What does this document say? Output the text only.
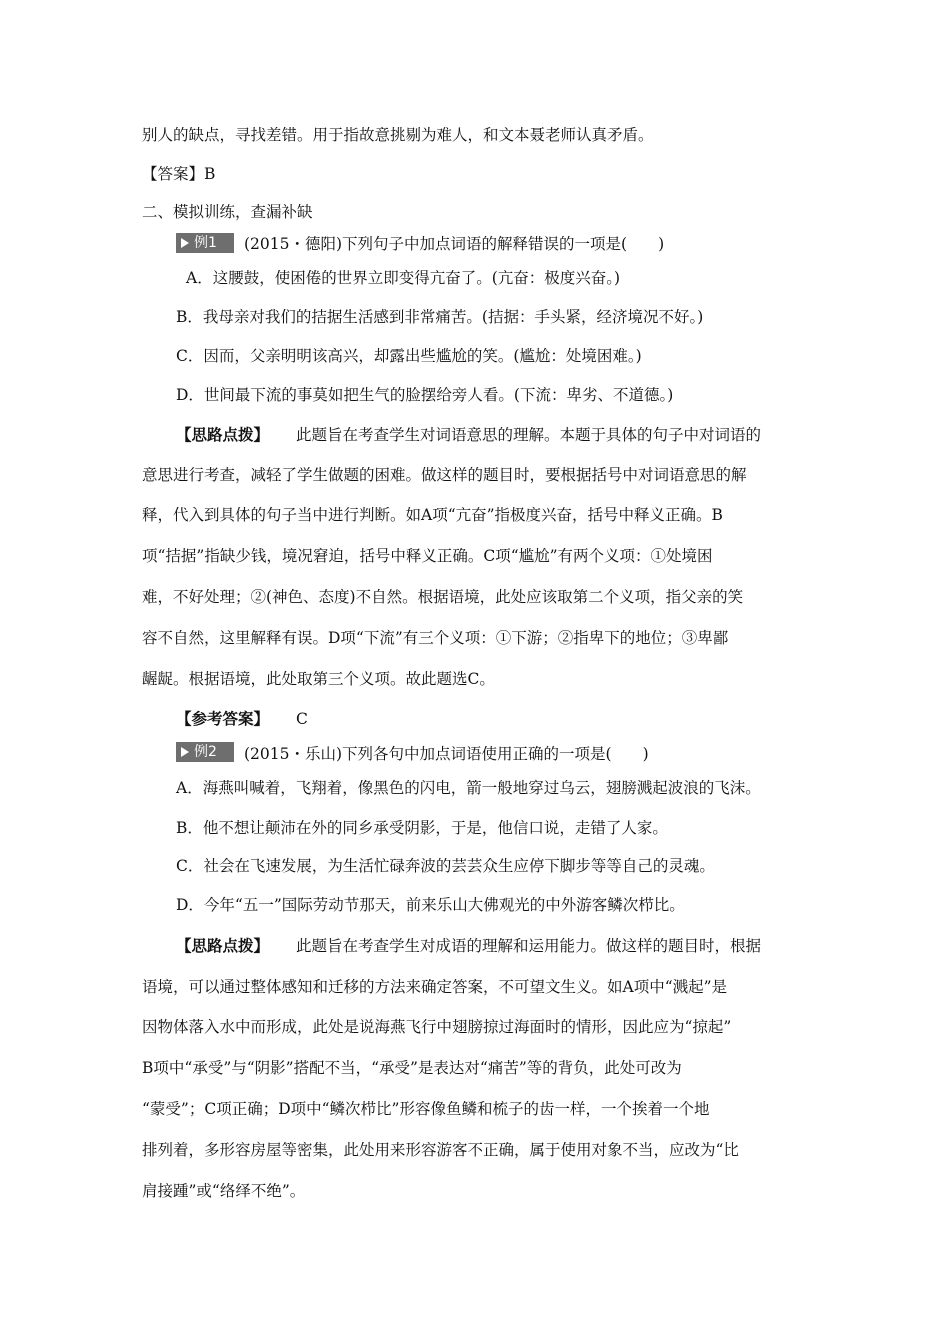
别人的缺点，寻找差错。用于指故意挑剔为难人，和文本聂老师认真矛盾。
【答案】B
二、模拟训练，查漏补缺
例1 (2015・德阳)下列句子中加点词语的解释错误的一项是(　　)
A．这腰鼓，使困倦的世界立即变得亢奋了。(亢奋：极度兴奋。)
B．我母亲对我们的拮据生活感到非常痛苦。(拮据：手头紧，经济境况不好。)
C．因而，父亲明明该高兴，却露出些尴尬的笑。(尴尬：处境困难。)
D．世间最下流的事莫如把生气的脸摆给旁人看。(下流：卑劣、不道德。)
【思路点拨】 此题旨在考查学生对词语意思的理解。本题于具体的句子中对词语的
意思进行考查，减轻了学生做题的困难。做这样的题目时，要根据括号中对词语意思的解
释，代入到具体的句子当中进行判断。如A项“亢奋”指极度兴奋，括号中释义正确。B
项“拮据”指缺少钱，境况窘迫，括号中释义正确。C项“尴尬”有两个义项：①处境困
难，不好处理；②(神色、态度)不自然。根据语境，此处应该取第二个义项，指父亲的笑
容不自然，这里解释有误。D项“下流”有三个义项：①下游；②指卑下的地位；③卑鄙
龌龊。根据语境，此处取第三个义项。故此题选C。
【参考答案】 C
例2 (2015・乐山)下列各句中加点词语使用正确的一项是(　　)
A．海燕叫喊着，飞翔着，像黑色的闪电，箭一般地穿过乌云，翅膀溅起波浪的飞沫。
B．他不想让颠沛在外的同乡承受阴影，于是，他信口说，走错了人家。
C．社会在飞速发展，为生活忙碌奔波的芸芸众生应停下脚步等等自己的灵魂。
D．今年“五一”国际劳动节那天，前来乐山大佛观光的中外游客鳞次栉比。
【思路点拨】 此题旨在考查学生对成语的理解和运用能力。做这样的题目时，根据
语境，可以通过整体感知和迁移的方法来确定答案，不可望文生义。如A项中“溅起”是
因物体落入水中而形成，此处是说海燕飞行中翅膀掠过海面时的情形，因此应为“掠起”
B项中“承受”与“阴影”搭配不当，“承受”是表达对“痛苦”等的背负，此处可改为
“蒙受”；C项正确；D项中“鳞次栉比”形容像鱼鳞和梳子的齿一样，一个挨着一个地
排列着，多形容房屋等密集，此处用来形容游客不正确，属于使用对象不当，应改为“比
肩接踵”或“络绎不绝”。
